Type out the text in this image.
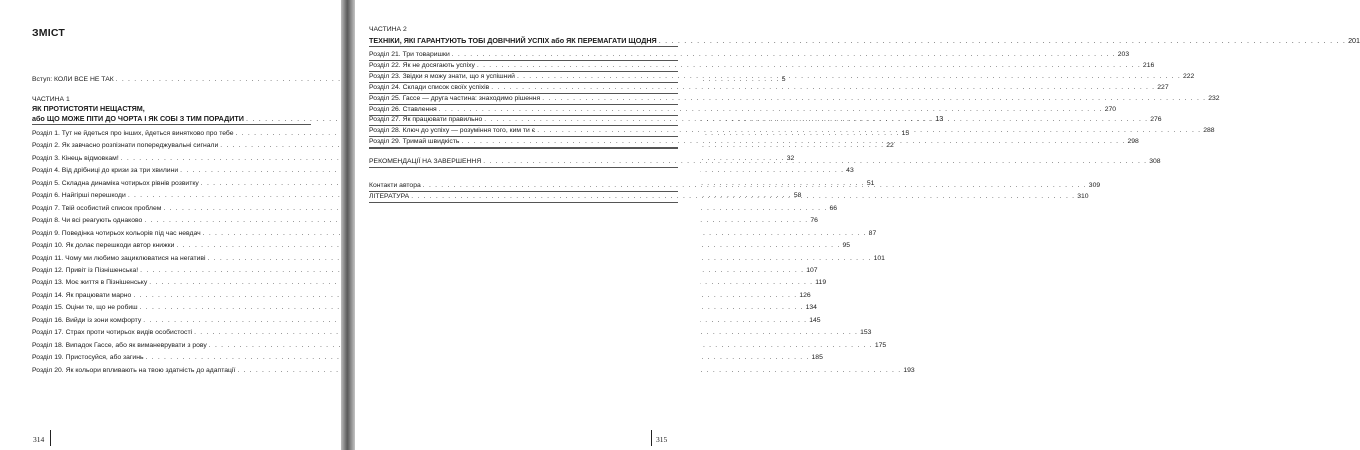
ЗМІСТ
Вступ: КОЛИ ВСЕ НЕ ТАК . . .	5
ЧАСТИНА 1
ЯК ПРОТИСТОЯТИ НЕЩАСТЯМ,
або ЩО МОЖЕ ПІТИ ДО ЧОРТА І ЯК СОБІ З ТИМ ПОРАДИТИ . . .	13
Розділ 1. Тут не йдеться про інших, йдеться винятково про тебе . . .	15
Розділ 2. Як завчасно розпізнати попереджувальні сигнали . . .	22
Розділ 3. Кінець відмовкам! . . .	32
Розділ 4. Від дрібниці до кризи за три хвилини . . .	43
Розділ 5. Складна динаміка чотирьох рівнів розвитку . . .	51
Розділ 6. Найгірші перешкоди . . .	58
Розділ 7. Твій особистий список проблем . . .	66
Розділ 8. Чи всі реагують однаково . . .	76
Розділ 9. Поведінка чотирьох кольорів під час невдач . . .	87
Розділ 10. Як долає перешкоди автор книжки . . .	95
Розділ 11. Чому ми любимо зациклюватися на негативі . . .	101
Розділ 12. Привіт із Пізнішенська! . . .	107
Розділ 13. Моє життя в Пізнішенську . . .	119
Розділ 14. Як працювати марно . . .	126
Розділ 15. Оціни те, що не робиш . . .	134
Розділ 16. Вийди із зони комфорту . . .	145
Розділ 17. Страх проти чотирьох видів особистості . . .	153
Розділ 18. Випадок Гассе, або як виманеврувати з рову . . .	175
Розділ 19. Пристосуйся, або загинь . . .	185
Розділ 20. Як кольори впливають на твою здатність до адаптації . . .	193
314
ЧАСТИНА 2
ТЕХНІКИ, ЯКІ ГАРАНТУЮТЬ ТОБІ ДОВІЧНИЙ УСПІХ або ЯК ПЕРЕМАГАТИ ЩОДНЯ . . .	201
Розділ 21. Три товаришки . . .	203
Розділ 22. Як не досягають успіху . . .	216
Розділ 23. Звідки я можу знати, що я успішний . . .	222
Розділ 24. Склади список своїх успіхів . . .	227
Розділ 25. Гассе — друга частина: знаходимо рішення . . .	232
Розділ 26. Ставлення . . .	270
Розділ 27. Як працювати правильно . . .	276
Розділ 28. Ключ до успіху — розуміння того, ким ти є . . .	288
Розділ 29. Тримай швидкість . . .	298
РЕКОМЕНДАЦІЇ НА ЗАВЕРШЕННЯ . . .	308
Контакти автора . . .	309
ЛІТЕРАТУРА . . .	310
315
